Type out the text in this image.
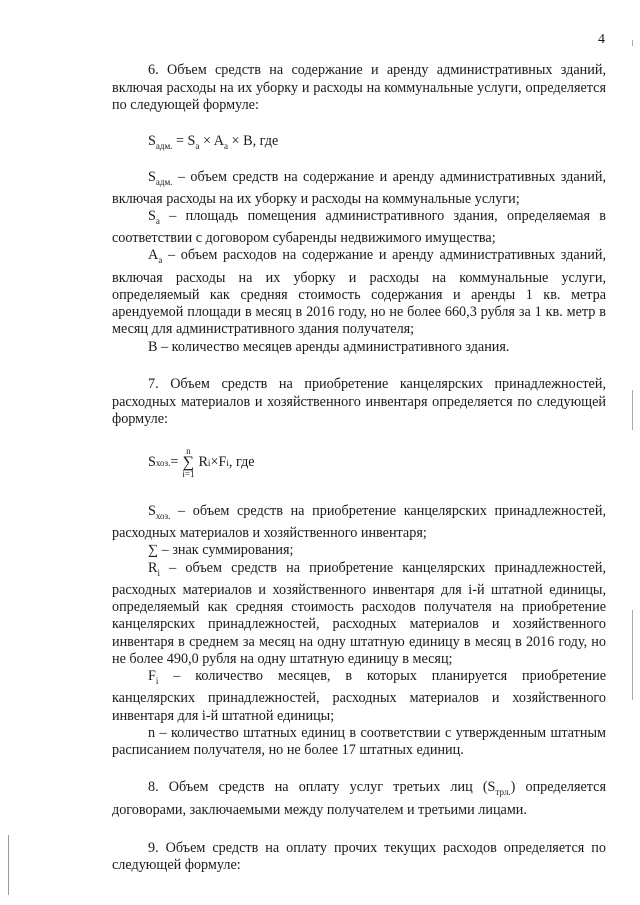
4

6. Объем средств на содержание и аренду административных зданий, включая расходы на их уборку и расходы на коммунальные услуги, определяется по следующей формуле:

$S_{адм.} = S_a \times A_a \times B$, где

$S_{адм.}$ – объем средств на содержание и аренду административных зданий, включая расходы на их уборку и расходы на коммунальные услуги;

$S_a$ – площадь помещения административного здания, определяемая в соответствии с договором субаренды недвижимого имущества;

$A_a$ – объем расходов на содержание и аренду административных зданий, включая расходы на их уборку и расходы на коммунальные услуги, определяемый как средняя стоимость содержания и аренды 1 кв. метра арендуемой площади в месяц в 2016 году, но не более 660,3 рубля за 1 кв. метр в месяц для административного здания получателя;

B – количество месяцев аренды административного здания.

7. Объем средств на приобретение канцелярских принадлежностей, расходных материалов и хозяйственного инвентаря определяется по следующей формуле:

S хоз. =
n
∑
i=1
R i × F i , где

$S_{хоз.}$ – объем средств на приобретение канцелярских принадлежностей, расходных материалов и хозяйственного инвентаря;

∑ – знак суммирования;

$R_i$ – объем средств на приобретение канцелярских принадлежностей, расходных материалов и хозяйственного инвентаря для i-й штатной единицы, определяемый как средняя стоимость расходов получателя на приобретение канцелярских принадлежностей, расходных материалов и хозяйственного инвентаря в среднем за месяц на одну штатную единицу в месяц в 2016 году, но не более 490,0 рубля на одну штатную единицу в месяц;

$F_i$ – количество месяцев, в которых планируется приобретение канцелярских принадлежностей, расходных материалов и хозяйственного инвентаря для i-й штатной единицы;

n – количество штатных единиц в соответствии с утвержденным штатным расписанием получателя, но не более 17 штатных единиц.

8. Объем средств на оплату услуг третьих лиц $(S_{трл.})$ определяется договорами, заключаемыми между получателем и третьими лицами.

9. Объем средств на оплату прочих текущих расходов определяется по следующей формуле:
